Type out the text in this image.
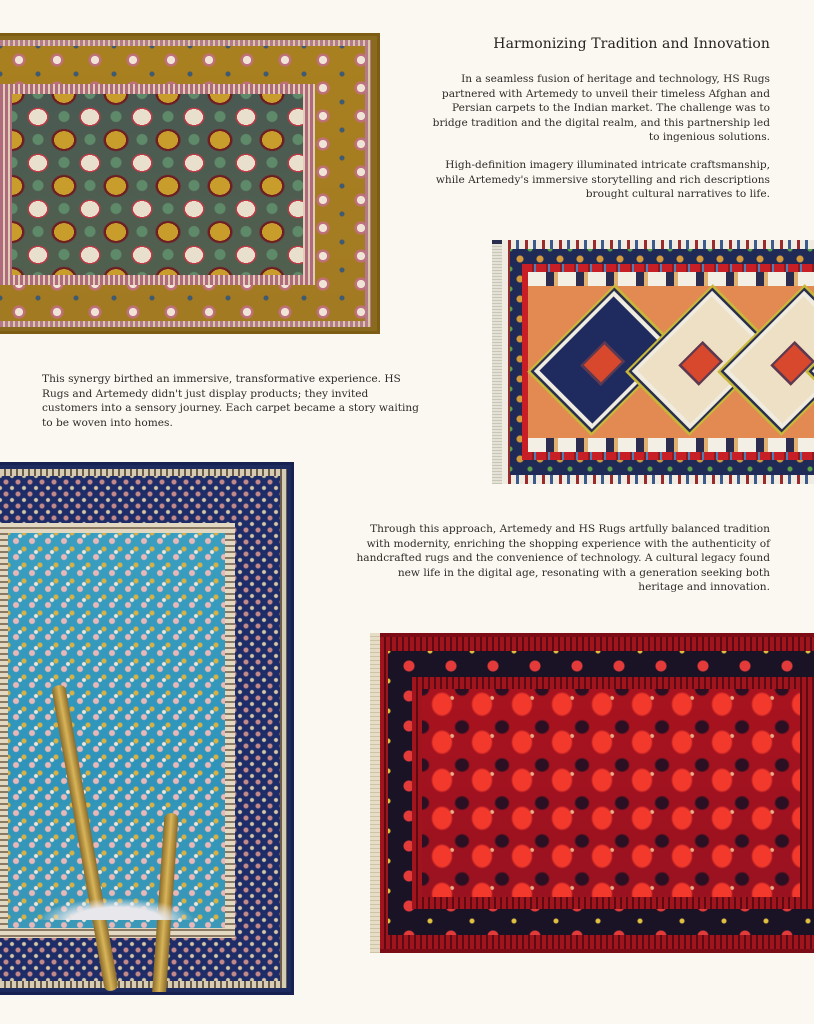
Harmonizing Tradition and Innovation

In a seamless fusion of heritage and technology, HS Rugs partnered with Artemedy to unveil their timeless Afghan and Persian carpets to the Indian market. The challenge was to bridge tradition and the digital realm, and this partnership led to ingenious solutions.

High-definition imagery illuminated intricate craftsmanship, while Artemedy's immersive storytelling and rich descriptions brought cultural narratives to life.

This synergy birthed an immersive, transformative experience. HS Rugs and Artemedy didn't just display products; they invited customers into a sensory journey. Each carpet became a story waiting to be woven into homes.

Through this approach, Artemedy and HS Rugs artfully balanced tradition with modernity, enriching the shopping experience with the authenticity of handcrafted rugs and the convenience of technology. A cultural legacy found new life in the digital age, resonating with a generation seeking both heritage and innovation.
